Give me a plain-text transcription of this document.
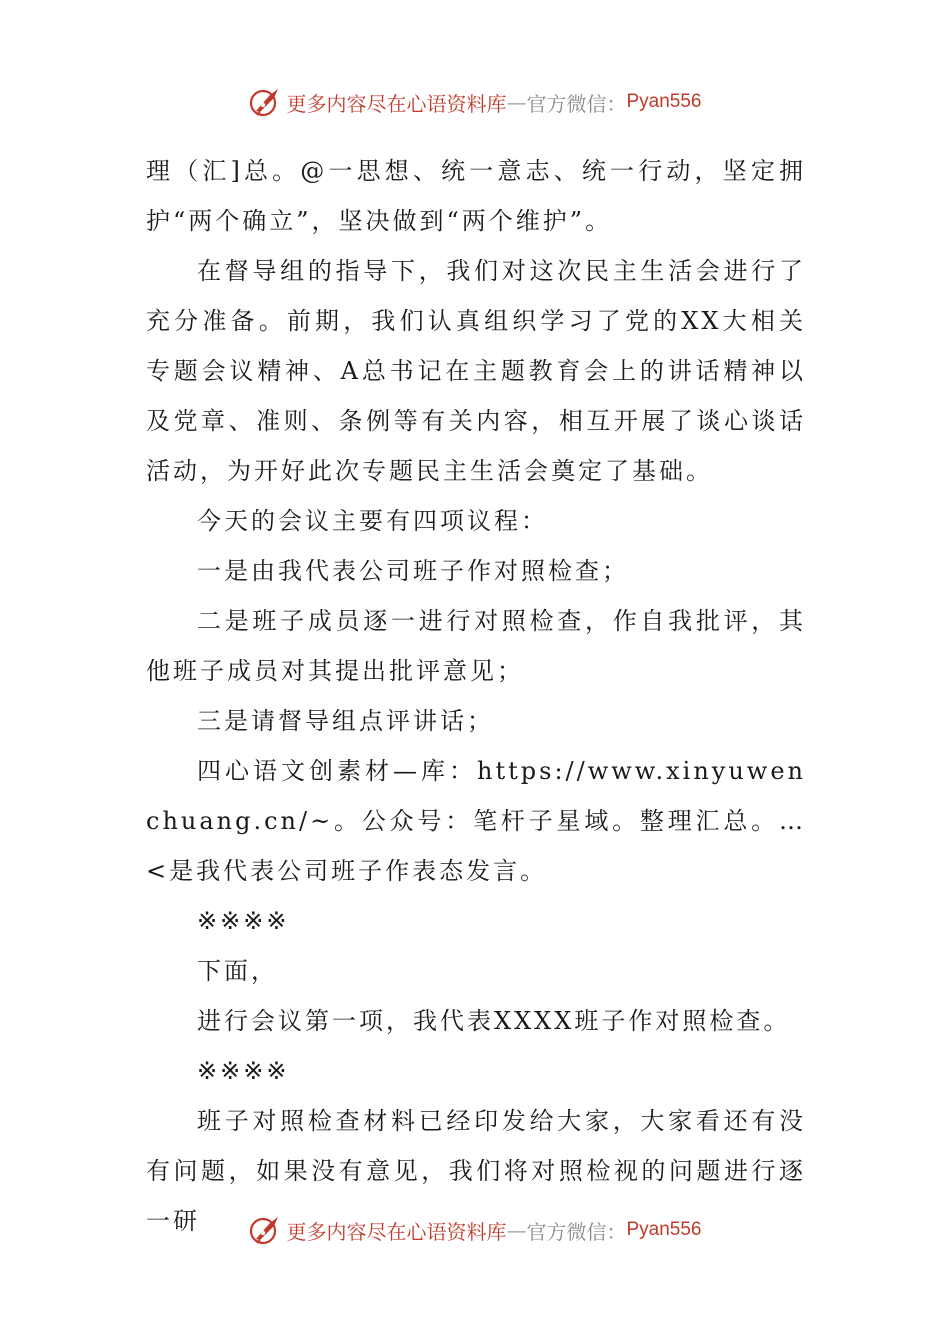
更多内容尽在心语资料库 — 官方微信： Pyan556

理（汇]总。@一思想、统一意志、统一行动，坚定拥护“两个确立”，坚决做到“两个维护”。

在督导组的指导下，我们对这次民主生活会进行了充分准备。前期，我们认真组织学习了党的XX大相关专题会议精神、A总书记在主题教育会上的讲话精神以及党章、准则、条例等有关内容，相互开展了谈心谈话活动，为开好此次专题民主生活会奠定了基础。

今天的会议主要有四项议程：

一是由我代表公司班子作对照检查；

二是班子成员逐一进行对照检查，作自我批评，其他班子成员对其提出批评意见；

三是请督导组点评讲话；

四心语文创素材—库：https://www.xinyuwenchuang.cn/~。公众号：笔杆子星域。整理汇总。…<是我代表公司班子作表态发言。

※※※※

下面，

进行会议第一项，我代表XXXX班子作对照检查。

※※※※

班子对照检查材料已经印发给大家，大家看还有没有问题，如果没有意见，我们将对照检视的问题进行逐一研	更多内容尽在心语资料库 — 官方微信： Pyan556
